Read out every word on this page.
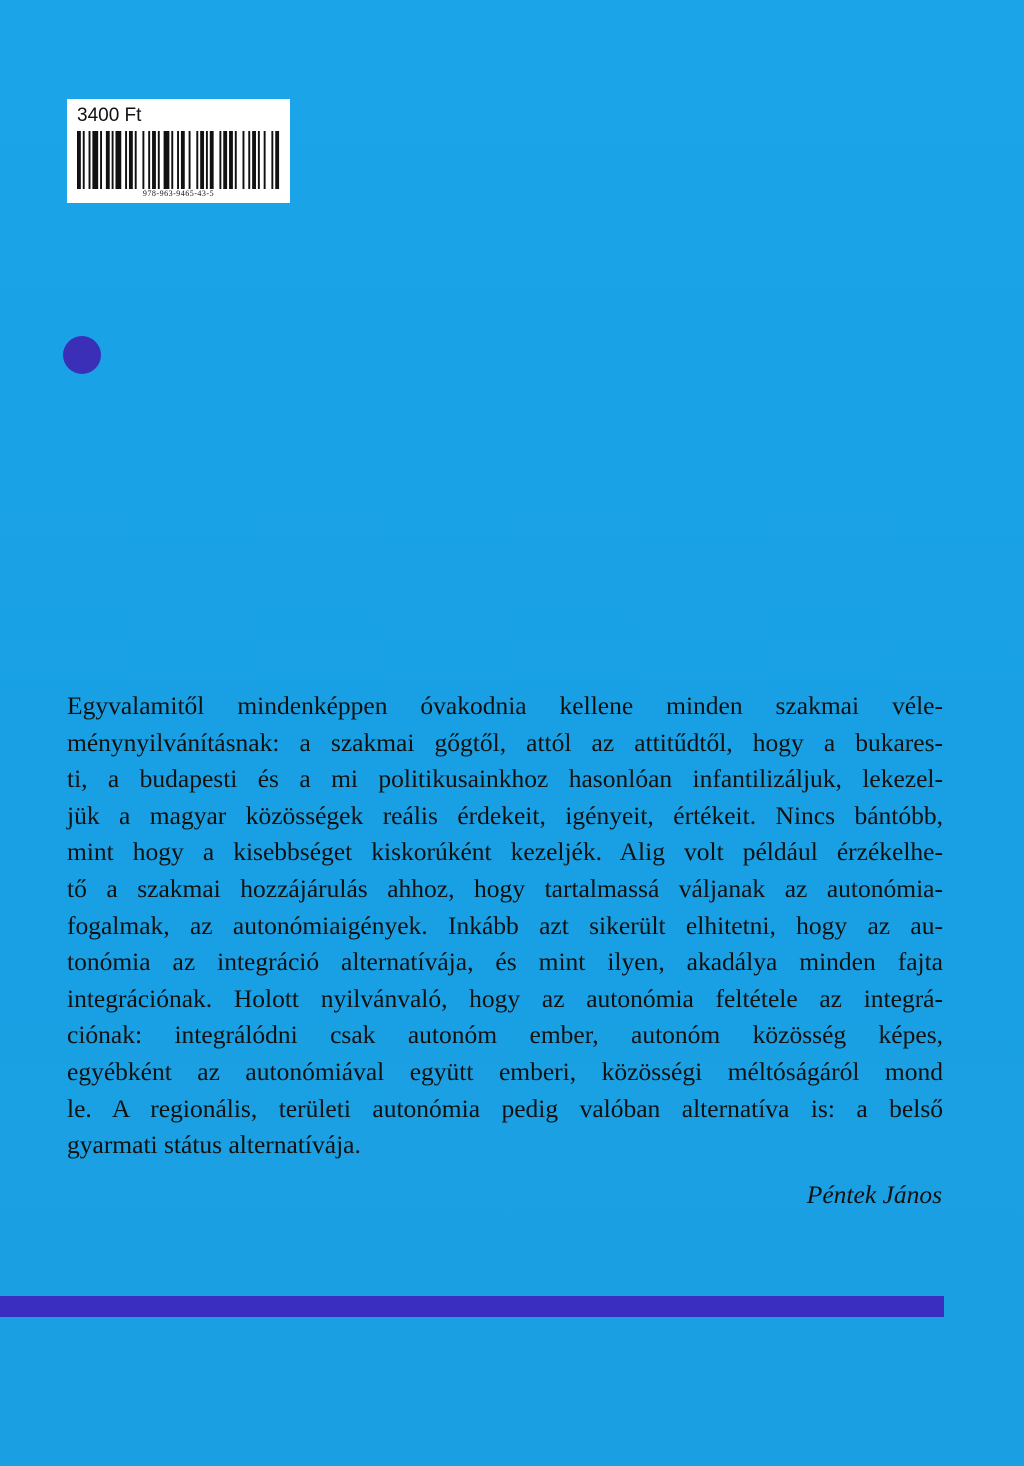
3400 Ft
978-963-9465-43-5
Egyvalamitől mindenképpen óvakodnia kellene minden szakmai véle-
ménynyilvánításnak: a szakmai gőgtől, attól az attitűdtől, hogy a bukares-
ti, a budapesti és a mi politikusainkhoz hasonlóan infantilizáljuk, lekezel-
jük a magyar közösségek reális érdekeit, igényeit, értékeit. Nincs bántóbb,
mint hogy a kisebbséget kiskorúként kezeljék. Alig volt például érzékelhe-
tő a szakmai hozzájárulás ahhoz, hogy tartalmassá váljanak az autonómia-
fogalmak, az autonómiaigények. Inkább azt sikerült elhitetni, hogy az au-
tonómia az integráció alternatívája, és mint ilyen, akadálya minden fajta
integrációnak. Holott nyilvánvaló, hogy az autonómia feltétele az integrá-
ciónak: integrálódni csak autonóm ember, autonóm közösség képes,
egyébként az autonómiával együtt emberi, közösségi méltóságáról mond
le. A regionális, területi autonómia pedig valóban alternatíva is: a belső
gyarmati státus alternatívája.
Péntek János
